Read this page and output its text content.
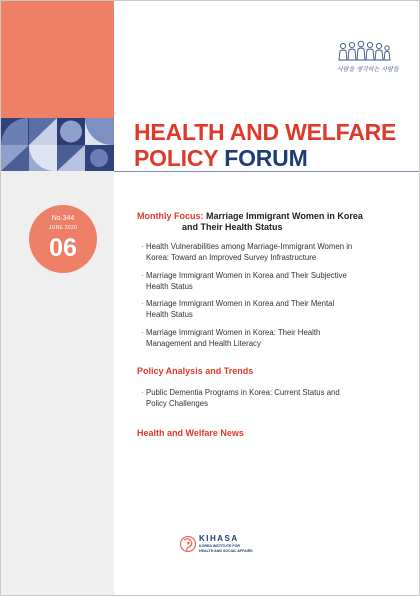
사람을 생각하는 사람들
HEALTH AND WELFARE
POLICY FORUM
No.344
JUNE 2020
06
Monthly Focus: Marriage Immigrant Women in Korea
and Their Health Status
· Health Vulnerabilities among Marriage-Immigrant Women in
Korea: Toward an Improved Survey Infrastructure
· Marriage Immigrant Women in Korea and Their Subjective
Health Status
· Marriage Immigrant Women in Korea and Their Mental
Health Status
· Marriage Immigrant Women in Korea: Their Health
Management and Health Literacy
Policy Analysis and Trends
· Public Dementia Programs in Korea: Current Status and
Policy Challenges
Health and Welfare News
KIHASA
KOREA INSTITUTE FOR
HEALTH AND SOCIAL AFFAIRS
